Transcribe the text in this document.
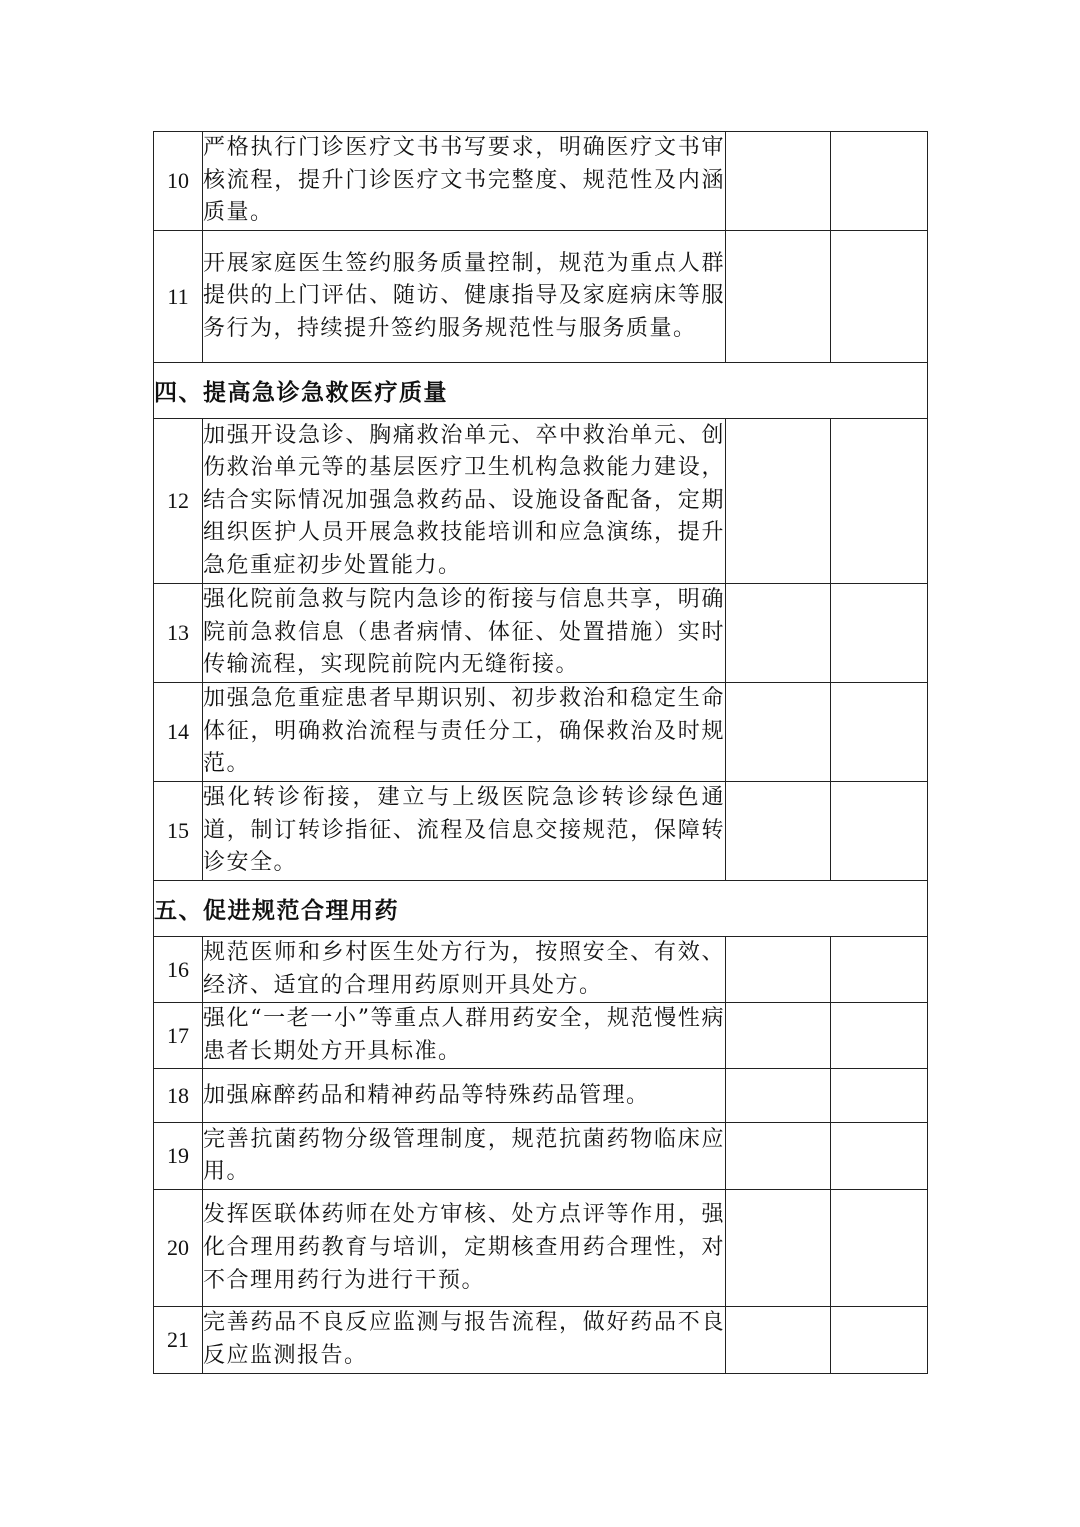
10	严格执行门诊医疗文书书写要求，明确医疗文书审核流程，提升门诊医疗文书完整度、规范性及内涵质量。		
11	开展家庭医生签约服务质量控制，规范为重点人群提供的上门评估、随访、健康指导及家庭病床等服务行为，持续提升签约服务规范性与服务质量。		
四、提高急诊急救医疗质量			
12	加强开设急诊、胸痛救治单元、卒中救治单元、创伤救治单元等的基层医疗卫生机构急救能力建设，结合实际情况加强急救药品、设施设备配备，定期组织医护人员开展急救技能培训和应急演练，提升急危重症初步处置能力。		
13	强化院前急救与院内急诊的衔接与信息共享，明确院前急救信息（患者病情、体征、处置措施）实时传输流程，实现院前院内无缝衔接。		
14	加强急危重症患者早期识别、初步救治和稳定生命体征，明确救治流程与责任分工，确保救治及时规范。		
15	强化转诊衔接，建立与上级医院急诊转诊绿色通道，制订转诊指征、流程及信息交接规范，保障转诊安全。		
五、促进规范合理用药			
16	规范医师和乡村医生处方行为，按照安全、有效、经济、适宜的合理用药原则开具处方。		
17	强化“一老一小”等重点人群用药安全，规范慢性病患者长期处方开具标准。		
18	加强麻醉药品和精神药品等特殊药品管理。		
19	完善抗菌药物分级管理制度，规范抗菌药物临床应用。		
20	发挥医联体药师在处方审核、处方点评等作用，强化合理用药教育与培训，定期核查用药合理性，对不合理用药行为进行干预。		
21	完善药品不良反应监测与报告流程，做好药品不良反应监测报告。		
